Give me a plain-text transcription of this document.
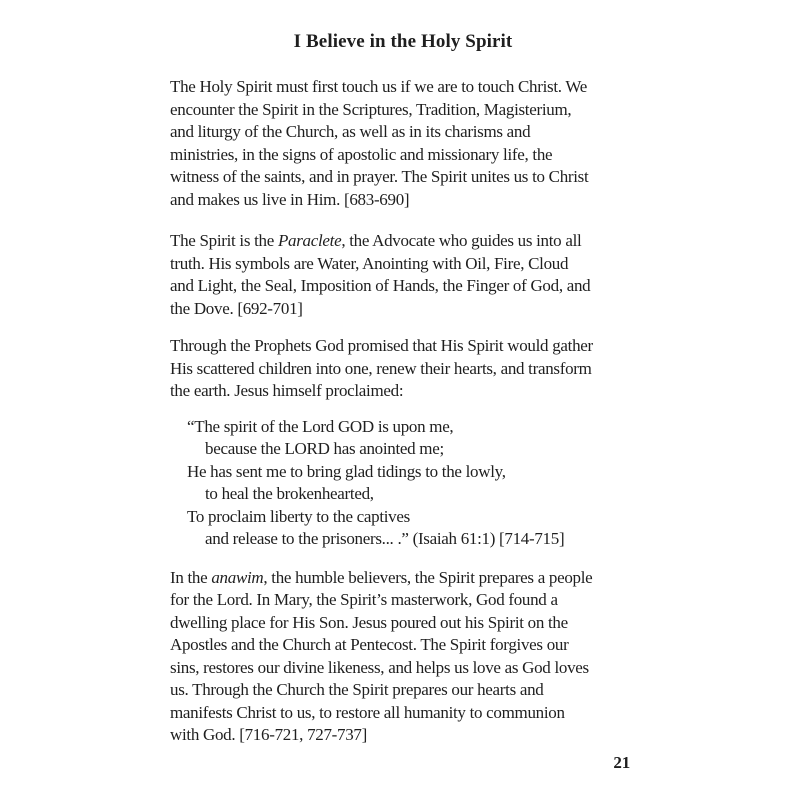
I Believe in the Holy Spirit
The Holy Spirit must first touch us if we are to touch Christ. We
encounter the Spirit in the Scriptures, Tradition, Magisterium,
and liturgy of the Church, as well as in its charisms and
ministries, in the signs of apostolic and missionary life, the
witness of the saints, and in prayer. The Spirit unites us to Christ
and makes us live in Him. [683-690]
The Spirit is the Paraclete, the Advocate who guides us into all
truth. His symbols are Water, Anointing with Oil, Fire, Cloud
and Light, the Seal, Imposition of Hands, the Finger of God, and
the Dove. [692-701]
Through the Prophets God promised that His Spirit would gather
His scattered children into one, renew their hearts, and transform
the earth. Jesus himself proclaimed:
“The spirit of the Lord GOD is upon me,
because the LORD has anointed me;
He has sent me to bring glad tidings to the lowly,
to heal the brokenhearted,
To proclaim liberty to the captives
and release to the prisoners... .” (Isaiah 61:1) [714-715]
In the anawim, the humble believers, the Spirit prepares a people
for the Lord. In Mary, the Spirit’s masterwork, God found a
dwelling place for His Son. Jesus poured out his Spirit on the
Apostles and the Church at Pentecost. The Spirit forgives our
sins, restores our divine likeness, and helps us love as God loves
us. Through the Church the Spirit prepares our hearts and
manifests Christ to us, to restore all humanity to communion
with God. [716-721, 727-737]
21
